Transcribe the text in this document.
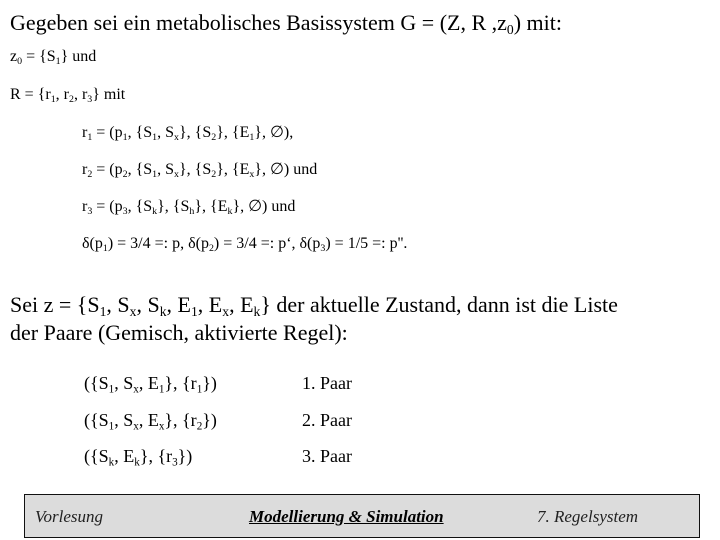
Gegeben sei ein metabolisches Basissystem G = (Z, R $,z_0$) mit:
$z_0 = \{S_1\}$ und
$R = \{r_1$, $r_2$, $r_3$} mit
$r_1 = (p_1$, {$S_1$, $S_x$}, $\{S_2\}$, $\{E_1\}$, ∅),
$r_2 = (p_2$, {$S_1$, $S_x$}, $\{S_2\}$, $\{E_x\}$, ∅) und
$r_3 = (p_3$, $\{S_k\}$, $\{S_h\}$, $\{E_k\}$, ∅) und
$\delta(p_1) = 3/4$ =: p, $\delta(p_2) = 3/4$ =: p‘, $\delta(p_3) = 1/5$ =: p''.
Sei $z = \{S_1$, $S_x$, $S_k$, $E_1$, $E_x$, $E_k$} der aktuelle Zustand, dann ist die Liste
der Paare (Gemisch, aktivierte Regel):
({$S_1$, $S_x$, $E_1$}, $\{r_1\}$)	1. Paar
({$S_1$, $S_x$, $E_x$}, $\{r_2\}$)	2. Paar
({$S_k$, $E_k$}, $\{r_3\}$)	3. Paar
Vorlesung	Modellierung & Simulation	7. Regelsystem
